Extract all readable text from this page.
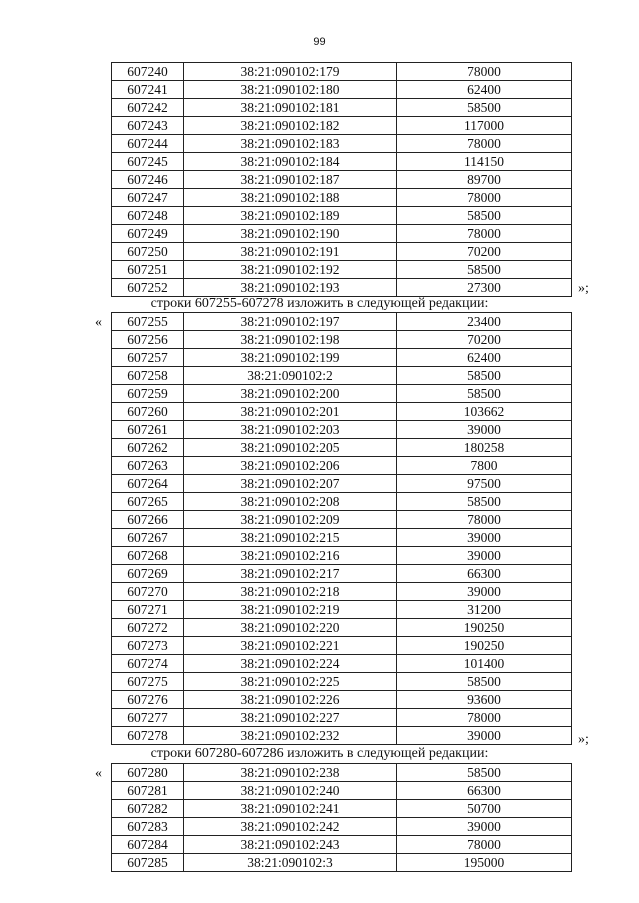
99
607240	38:21:090102:179	78000
607241	38:21:090102:180	62400
607242	38:21:090102:181	58500
607243	38:21:090102:182	117000
607244	38:21:090102:183	78000
607245	38:21:090102:184	114150
607246	38:21:090102:187	89700
607247	38:21:090102:188	78000
607248	38:21:090102:189	58500
607249	38:21:090102:190	78000
607250	38:21:090102:191	70200
607251	38:21:090102:192	58500
607252	38:21:090102:193	27300	»;
строки 607255-607278 изложить в следующей редакции:
« 607255	38:21:090102:197	23400
607256	38:21:090102:198	70200
607257	38:21:090102:199	62400
607258	38:21:090102:2	58500
607259	38:21:090102:200	58500
607260	38:21:090102:201	103662
607261	38:21:090102:203	39000
607262	38:21:090102:205	180258
607263	38:21:090102:206	7800
607264	38:21:090102:207	97500
607265	38:21:090102:208	58500
607266	38:21:090102:209	78000
607267	38:21:090102:215	39000
607268	38:21:090102:216	39000
607269	38:21:090102:217	66300
607270	38:21:090102:218	39000
607271	38:21:090102:219	31200
607272	38:21:090102:220	190250
607273	38:21:090102:221	190250
607274	38:21:090102:224	101400
607275	38:21:090102:225	58500
607276	38:21:090102:226	93600
607277	38:21:090102:227	78000
607278	38:21:090102:232	39000	»;
строки 607280-607286 изложить в следующей редакции:
« 607280	38:21:090102:238	58500
607281	38:21:090102:240	66300
607282	38:21:090102:241	50700
607283	38:21:090102:242	39000
607284	38:21:090102:243	78000
607285	38:21:090102:3	195000
